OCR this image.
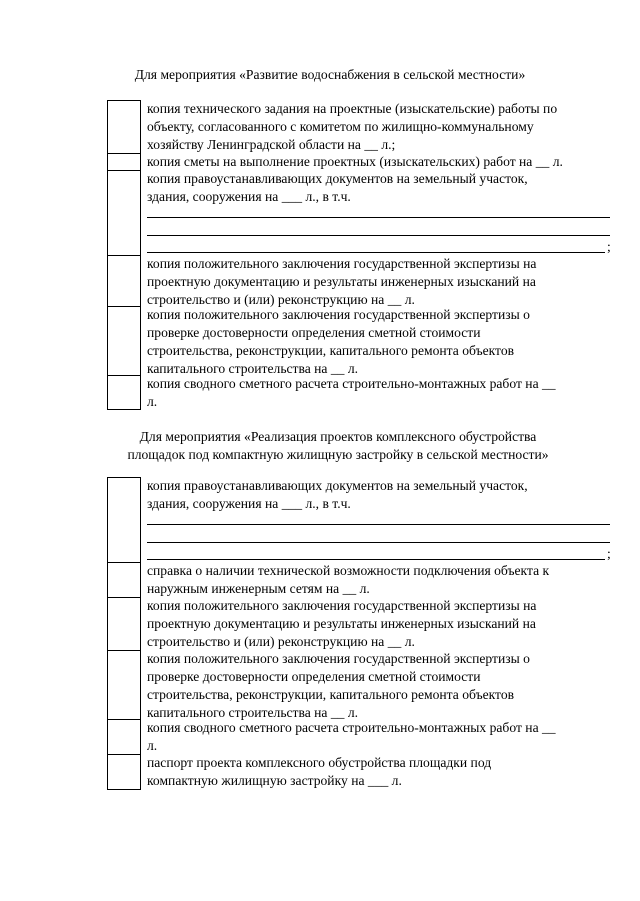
Для мероприятия «Развитие водоснабжения в сельской местности»
копия технического задания на проектные (изыскательские) работы по
объекту, согласованного с комитетом по жилищно-коммунальному
хозяйству Ленинградской области на __ л.;
копия сметы на выполнение проектных (изыскательских) работ на __ л.
копия правоустанавливающих документов на земельный участок,
здания, сооружения на ___ л., в т.ч.
;
копия положительного заключения государственной экспертизы на
проектную документацию и результаты инженерных изысканий на
строительство и (или) реконструкцию на __ л.
копия положительного заключения государственной экспертизы о
проверке достоверности определения сметной стоимости
строительства, реконструкции, капитального ремонта объектов
капитального строительства на __ л.
копия сводного сметного расчета строительно-монтажных работ на __
л.
Для мероприятия «Реализация проектов комплексного обустройства
площадок под компактную жилищную застройку в сельской местности»
копия правоустанавливающих документов на земельный участок,
здания, сооружения на ___ л., в т.ч.
;
справка о наличии технической возможности подключения объекта к
наружным инженерным сетям на __ л.
копия положительного заключения государственной экспертизы на
проектную документацию и результаты инженерных изысканий на
строительство и (или) реконструкцию на __ л.
копия положительного заключения государственной экспертизы о
проверке достоверности определения сметной стоимости
строительства, реконструкции, капитального ремонта объектов
капитального строительства на __ л.
копия сводного сметного расчета строительно-монтажных работ на __
л.
паспорт проекта комплексного обустройства площадки под
компактную жилищную застройку на ___ л.
